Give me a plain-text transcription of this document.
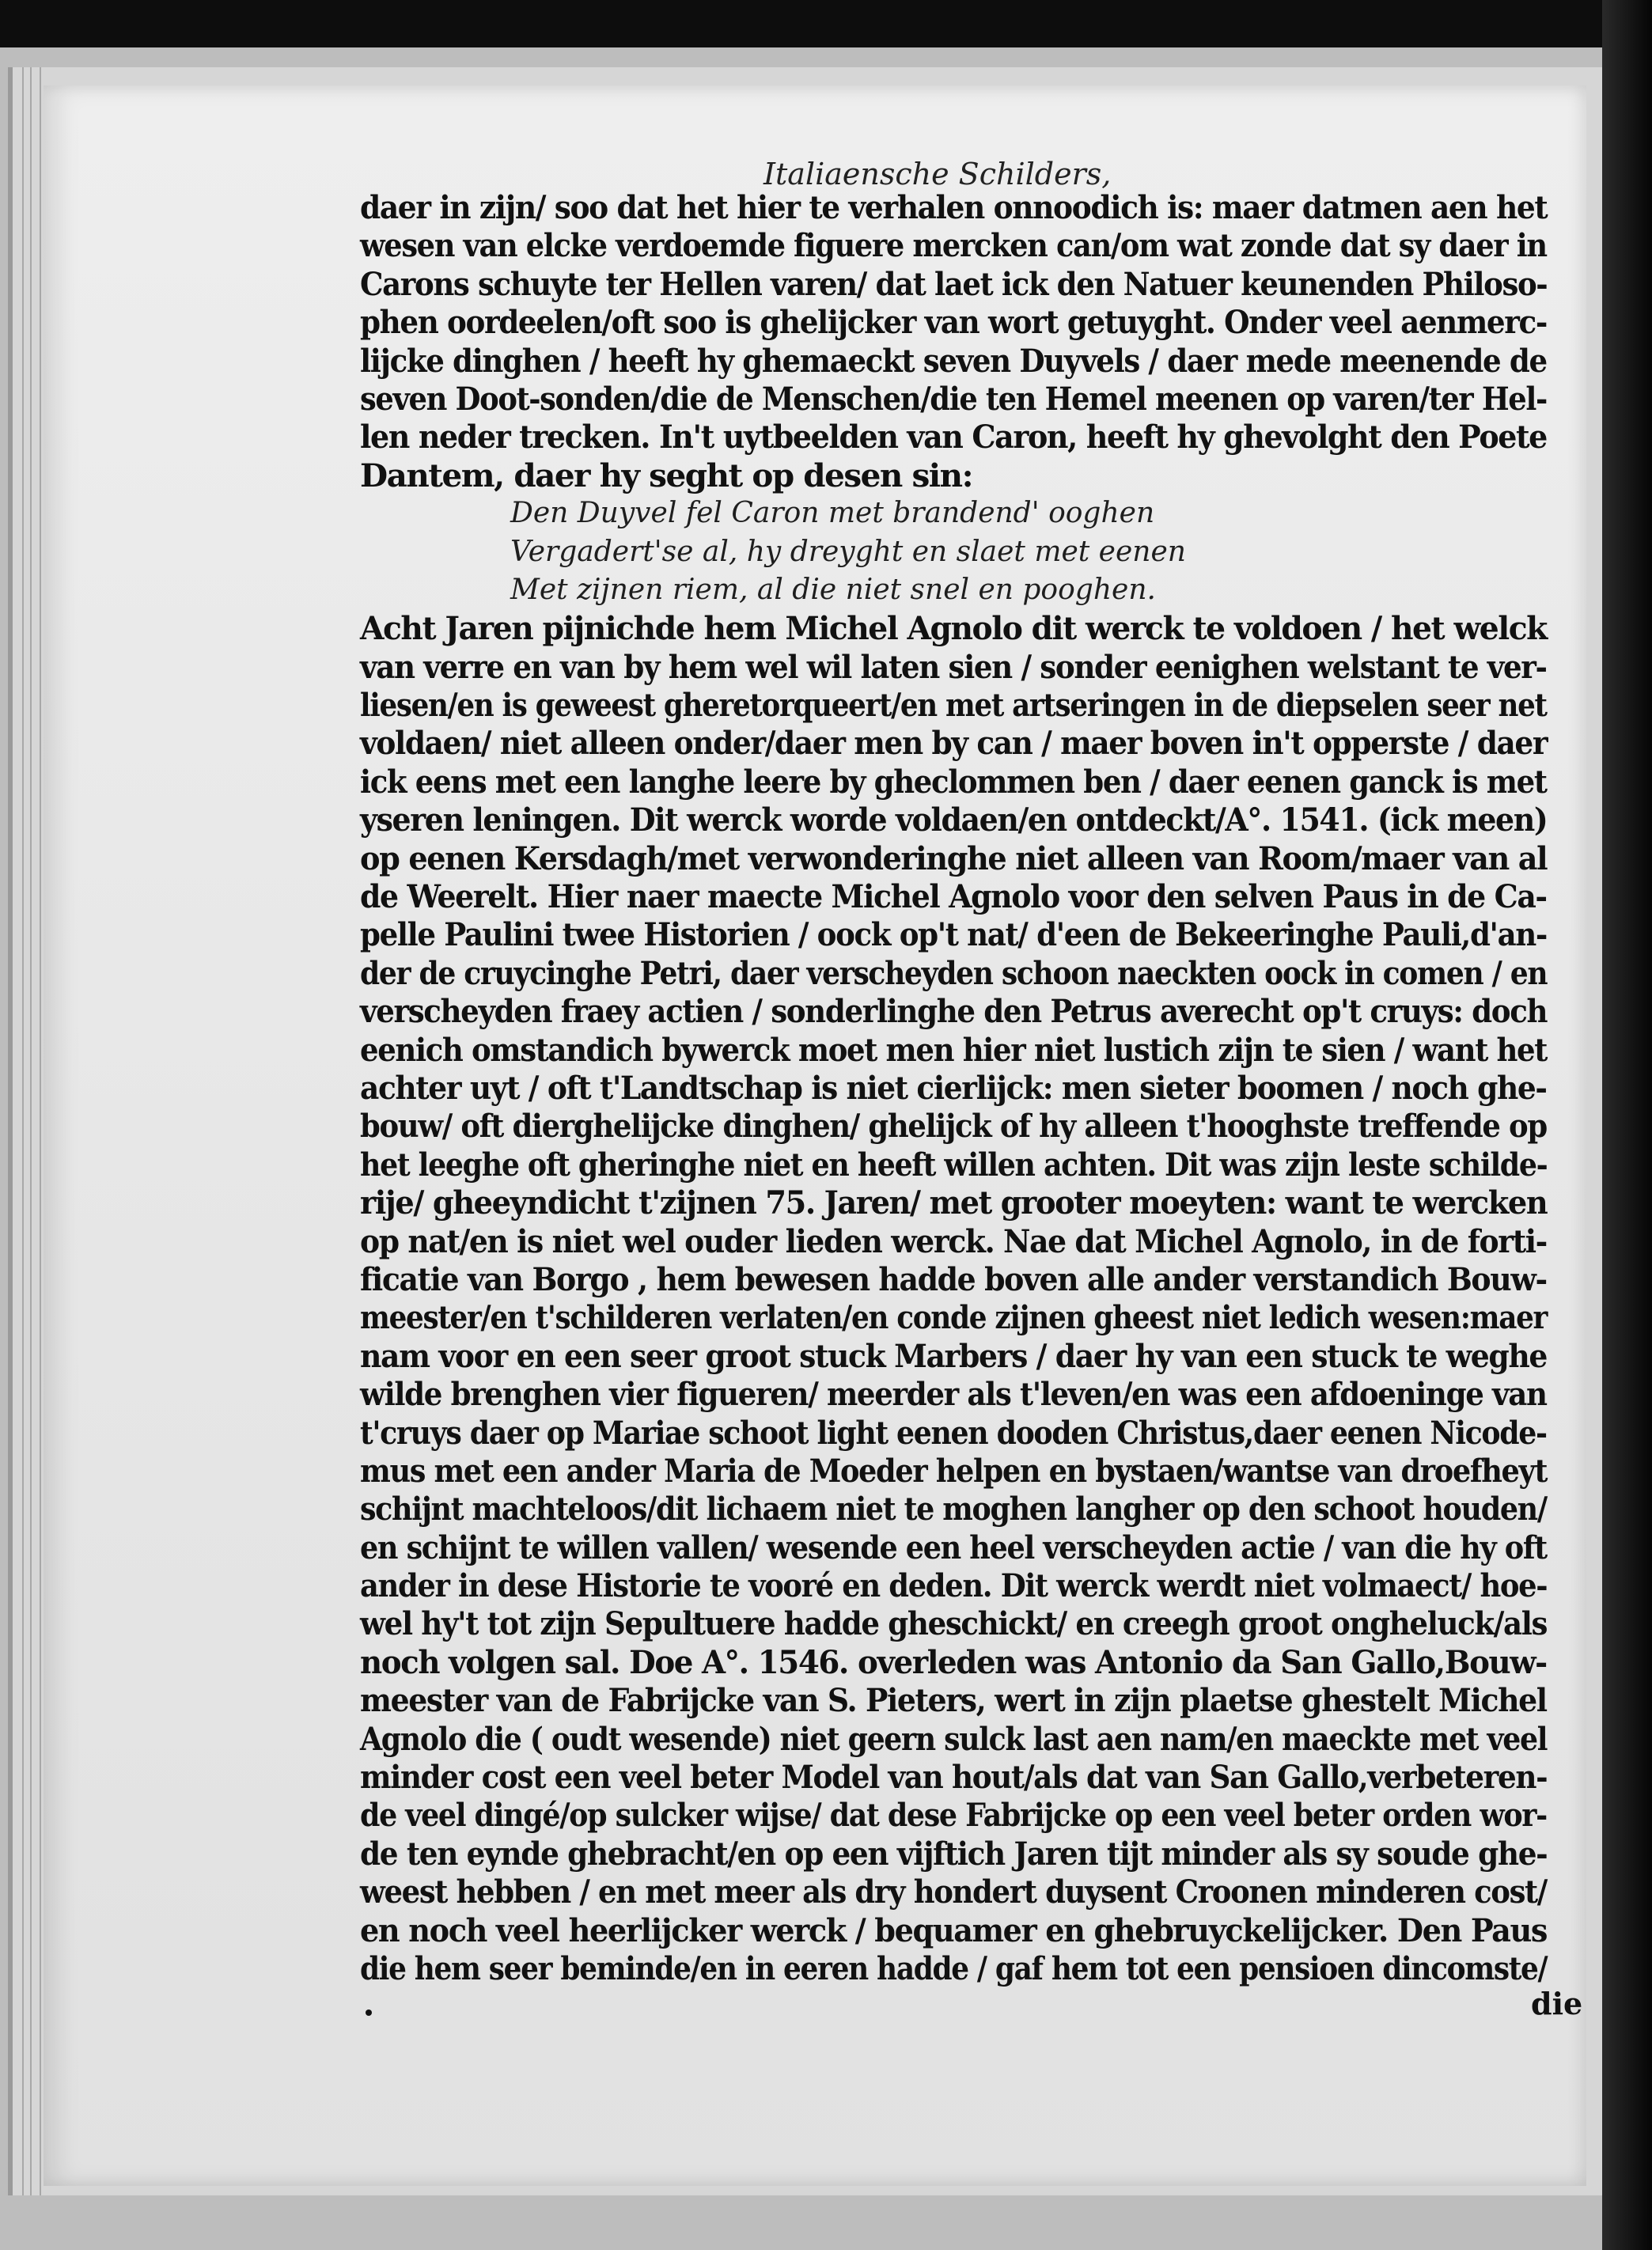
Italiaensche Schilders,
daer in zijn/ soo dat het hier te verhalen onnoodich is: maer datmen aen het
wesen van elcke verdoemde figuere mercken can/om wat zonde dat sy daer in
Carons schuyte ter Hellen varen/ dat laet ick den Natuer keunenden Philoso-
phen oordeelen/oft soo is ghelijcker van wort getuyght. Onder veel aenmerc-
lijcke dinghen / heeft hy ghemaeckt seven Duyvels / daer mede meenende de
seven Doot-sonden/die de Menschen/die ten Hemel meenen op varen/ter Hel-
len neder trecken. In't uytbeelden van Caron, heeft hy ghevolght den Poete
Dantem, daer hy seght op desen sin:
Den Duyvel fel Caron met brandend' ooghen
Vergadert'se al, hy dreyght en slaet met eenen
Met zijnen riem, al die niet snel en pooghen.
Acht Jaren pijnichde hem Michel Agnolo dit werck te voldoen / het welck
van verre en van by hem wel wil laten sien / sonder eenighen welstant te ver-
liesen/en is geweest gheretorqueert/en met artseringen in de diepselen seer net
voldaen/ niet alleen onder/daer men by can / maer boven in't opperste / daer
ick eens met een langhe leere by gheclommen ben / daer eenen ganck is met
yseren leningen. Dit werck worde voldaen/en ontdeckt/A°. 1541. (ick meen)
op eenen Kersdagh/met verwonderinghe niet alleen van Room/maer van al
de Weerelt. Hier naer maecte Michel Agnolo voor den selven Paus in de Ca-
pelle Paulini twee Historien / oock op't nat/ d'een de Bekeeringhe Pauli,d'an-
der de cruycinghe Petri, daer verscheyden schoon naeckten oock in comen / en
verscheyden fraey actien / sonderlinghe den Petrus averecht op't cruys: doch
eenich omstandich bywerck moet men hier niet lustich zijn te sien / want het
achter uyt / oft t'Landtschap is niet cierlijck: men sieter boomen / noch ghe-
bouw/ oft dierghelijcke dinghen/ ghelijck of hy alleen t'hooghste treffende op
het leeghe oft gheringhe niet en heeft willen achten. Dit was zijn leste schilde-
rije/ gheeyndicht t'zijnen 75. Jaren/ met grooter moeyten: want te wercken
op nat/en is niet wel ouder lieden werck. Nae dat Michel Agnolo, in de forti-
ficatie van Borgo , hem bewesen hadde boven alle ander verstandich Bouw-
meester/en t'schilderen verlaten/en conde zijnen gheest niet ledich wesen:maer
nam voor en een seer groot stuck Marbers / daer hy van een stuck te weghe
wilde brenghen vier figueren/ meerder als t'leven/en was een afdoeninge van
t'cruys daer op Mariae schoot light eenen dooden Christus,daer eenen Nicode-
mus met een ander Maria de Moeder helpen en bystaen/wantse van droefheyt
schijnt machteloos/dit lichaem niet te moghen langher op den schoot houden/
en schijnt te willen vallen/ wesende een heel verscheyden actie / van die hy oft
ander in dese Historie te vooré en deden. Dit werck werdt niet volmaect/ hoe-
wel hy't tot zijn Sepultuere hadde gheschickt/ en creegh groot ongheluck/als
noch volgen sal. Doe A°. 1546. overleden was Antonio da San Gallo,Bouw-
meester van de Fabrijcke van S. Pieters, wert in zijn plaetse ghestelt Michel
Agnolo die ( oudt wesende) niet geern sulck last aen nam/en maeckte met veel
minder cost een veel beter Model van hout/als dat van San Gallo,verbeteren-
de veel dingé/op sulcker wijse/ dat dese Fabrijcke op een veel beter orden wor-
de ten eynde ghebracht/en op een vijftich Jaren tijt minder als sy soude ghe-
weest hebben / en met meer als dry hondert duysent Croonen minderen cost/
en noch veel heerlijcker werck / bequamer en ghebruyckelijcker. Den Paus
die hem seer beminde/en in eeren hadde / gaf hem tot een pensioen dincomste/
die
